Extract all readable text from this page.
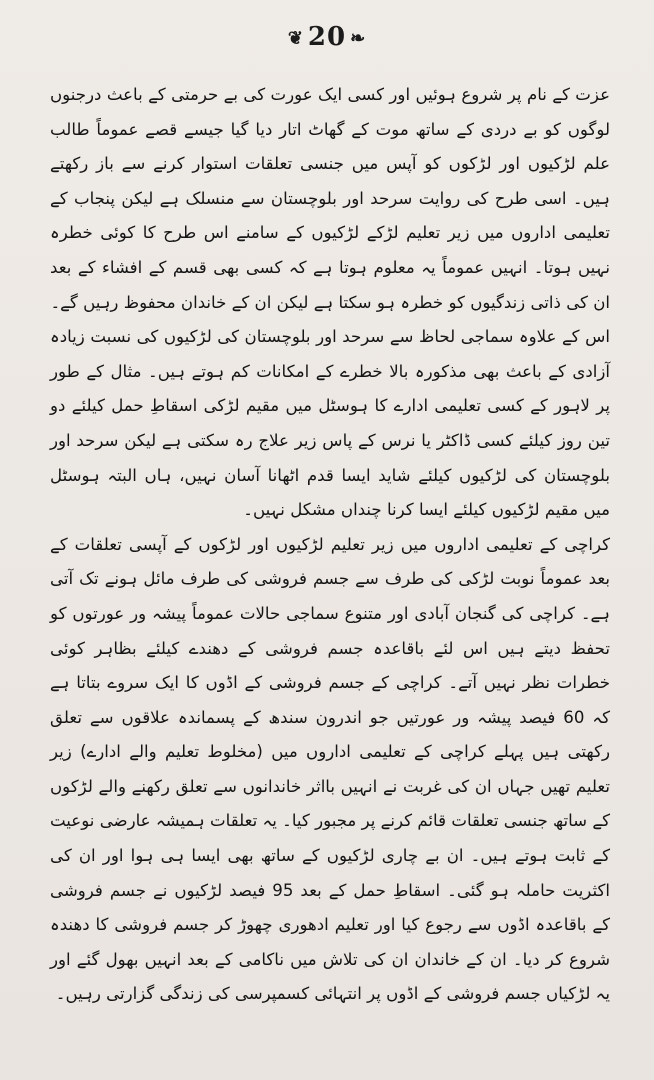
❦ 20 ❧

عزت کے نام پر شروع ہوئیں اور کسی ایک عورت کی بے حرمتی کے باعث درجنوں لوگوں کو بے دردی کے ساتھ موت کے گھاٹ اتار دیا گیا جیسے قصے عموماً طالب علم لڑکیوں اور لڑکوں کو آپس میں جنسی تعلقات استوار کرنے سے باز رکھتے ہیں۔ اسی طرح کی روایت سرحد اور بلوچستان سے منسلک ہے لیکن پنجاب کے تعلیمی اداروں میں زیر تعلیم لڑکے لڑکیوں کے سامنے اس طرح کا کوئی خطرہ نہیں ہوتا۔ انہیں عموماً یہ معلوم ہوتا ہے کہ کسی بھی قسم کے افشاء کے بعد ان کی ذاتی زندگیوں کو خطرہ ہو سکتا ہے لیکن ان کے خاندان محفوظ رہیں گے۔

اس کے علاوہ سماجی لحاظ سے سرحد اور بلوچستان کی لڑکیوں کی نسبت زیادہ آزادی کے باعث بھی مذکورہ بالا خطرے کے امکانات کم ہوتے ہیں۔ مثال کے طور پر لاہور کے کسی تعلیمی ادارے کا ہوسٹل میں مقیم لڑکی اسقاطِ حمل کیلئے دو تین روز کیلئے کسی ڈاکٹر یا نرس کے پاس زیر علاج رہ سکتی ہے لیکن سرحد اور بلوچستان کی لڑکیوں کیلئے شاید ایسا قدم اٹھانا آسان نہیں، ہاں البتہ ہوسٹل میں مقیم لڑکیوں کیلئے ایسا کرنا چنداں مشکل نہیں۔

کراچی کے تعلیمی اداروں میں زیر تعلیم لڑکیوں اور لڑکوں کے آپسی تعلقات کے بعد عموماً نوبت لڑکی کی طرف سے جسم فروشی کی طرف مائل ہونے تک آتی ہے۔ کراچی کی گنجان آبادی اور متنوع سماجی حالات عموماً پیشہ ور عورتوں کو تحفظ دیتے ہیں اس لئے باقاعدہ جسم فروشی کے دھندے کیلئے بظاہر کوئی خطرات نظر نہیں آتے۔ کراچی کے جسم فروشی کے اڈوں کا ایک سروے بتاتا ہے کہ 60 فیصد پیشہ ور عورتیں جو اندرون سندھ کے پسماندہ علاقوں سے تعلق رکھتی ہیں پہلے کراچی کے تعلیمی اداروں میں (مخلوط تعلیم والے ادارے) زیر تعلیم تھیں جہاں ان کی غربت نے انہیں بااثر خاندانوں سے تعلق رکھنے والے لڑکوں کے ساتھ جنسی تعلقات قائم کرنے پر مجبور کیا۔ یہ تعلقات ہمیشہ عارضی نوعیت کے ثابت ہوتے ہیں۔ ان بے چاری لڑکیوں کے ساتھ بھی ایسا ہی ہوا اور ان کی اکثریت حاملہ ہو گئی۔ اسقاطِ حمل کے بعد 95 فیصد لڑکیوں نے جسم فروشی کے باقاعدہ اڈوں سے رجوع کیا اور تعلیم ادھوری چھوڑ کر جسم فروشی کا دھندہ شروع کر دیا۔ ان کے خاندان ان کی تلاش میں ناکامی کے بعد انہیں بھول گئے اور یہ لڑکیاں جسم فروشی کے اڈوں پر انتہائی کسمپرسی کی زندگی گزارتی رہیں۔
